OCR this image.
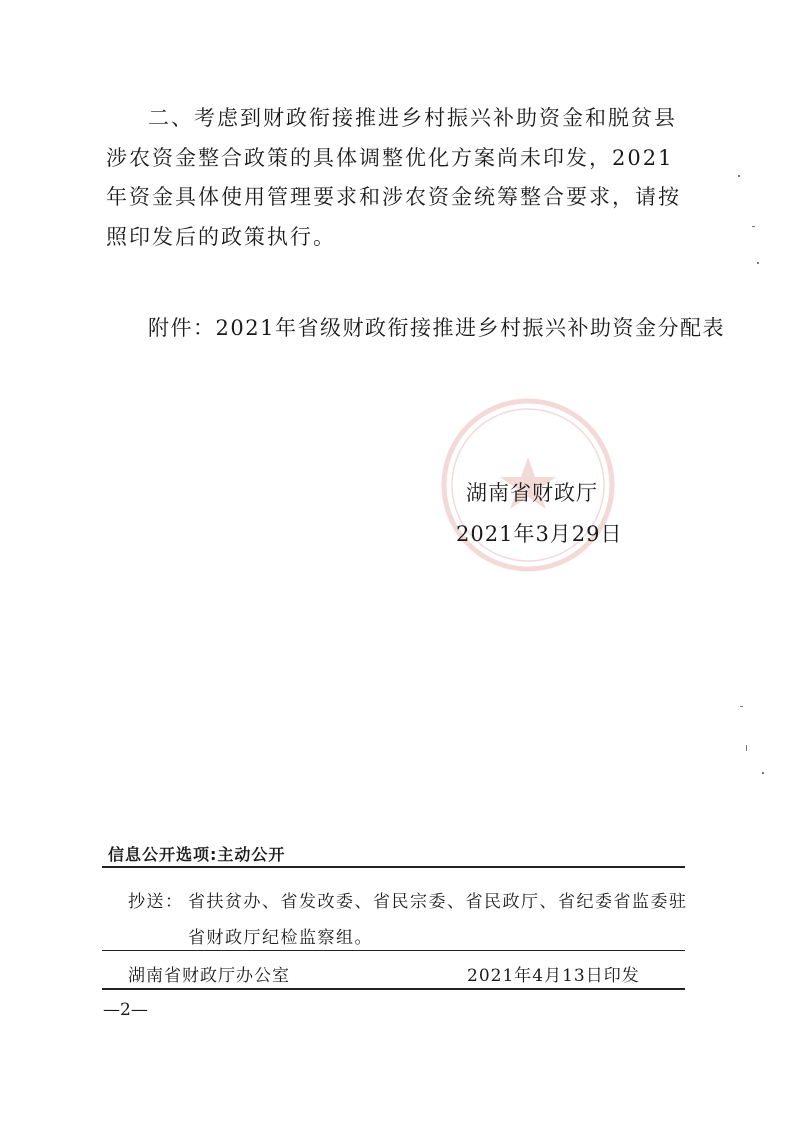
二、考虑到财政衔接推进乡村振兴补助资金和脱贫县涉农资金整合政策的具体调整优化方案尚未印发，2021年资金具体使用管理要求和涉农资金统筹整合要求，请按照印发后的政策执行。

附件：2021年省级财政衔接推进乡村振兴补助资金分配表
湖南省财政厅
2021年3月29日
信息公开选项:主动公开
抄送： 省扶贫办、省发改委、省民宗委、省民政厅、省纪委省监委驻
省财政厅纪检监察组。
湖南省财政厅办公室	2021年4月13日印发
—2—
